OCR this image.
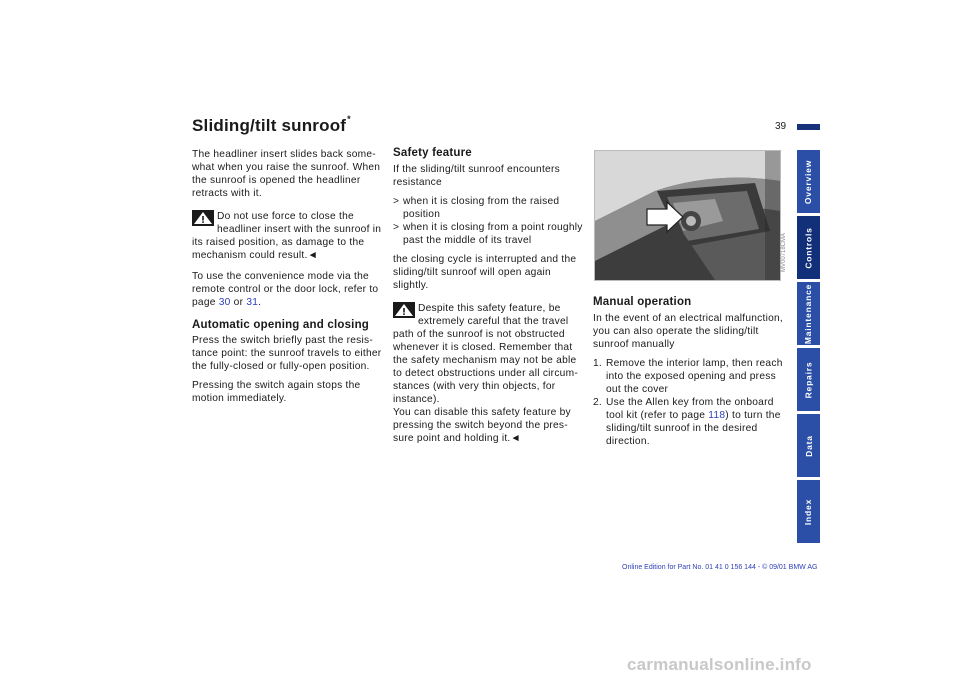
Sliding/tilt sunroof*
39

The headliner insert slides back some-what when you raise the sunroof. When the sunroof is opened the headliner retracts with it.

Do not use force to close the headliner insert with the sunroof in
its raised position, as damage to the mechanism could result.◄

To use the convenience mode via the remote control or the door lock, refer to page 30 or 31.

Automatic opening and closing

Press the switch briefly past the resis-tance point: the sunroof travels to either the fully-closed or fully-open position.

Pressing the switch again stops the motion immediately.

Safety feature

If the sliding/tilt sunroof encounters resistance

> when it is closing from the raised position
> when it is closing from a point roughly past the middle of its travel

the closing cycle is interrupted and the sliding/tilt sunroof will open again slightly.

Despite this safety feature, be extremely careful that the travel
path of the sunroof is not obstructed whenever it is closed. Remember that the safety mechanism may not be able to detect obstructions under all circum-stances (with very thin objects, for instance).
You can disable this safety feature by pressing the switch beyond the pres-sure point and holding it.◄
MV00718CMA
Manual operation

In the event of an electrical malfunction, you can also operate the sliding/tilt sunroof manually

1. Remove the interior lamp, then reach into the exposed opening and press out the cover
2. Use the Allen key from the onboard tool kit (refer to page 118) to turn the sliding/tilt sunroof in the desired direction.
Overview
Controls
Maintenance
Repairs
Data
Index
Online Edition for Part No. 01 41 0 156 144 - © 09/01 BMW AG
carmanualsonline.info
